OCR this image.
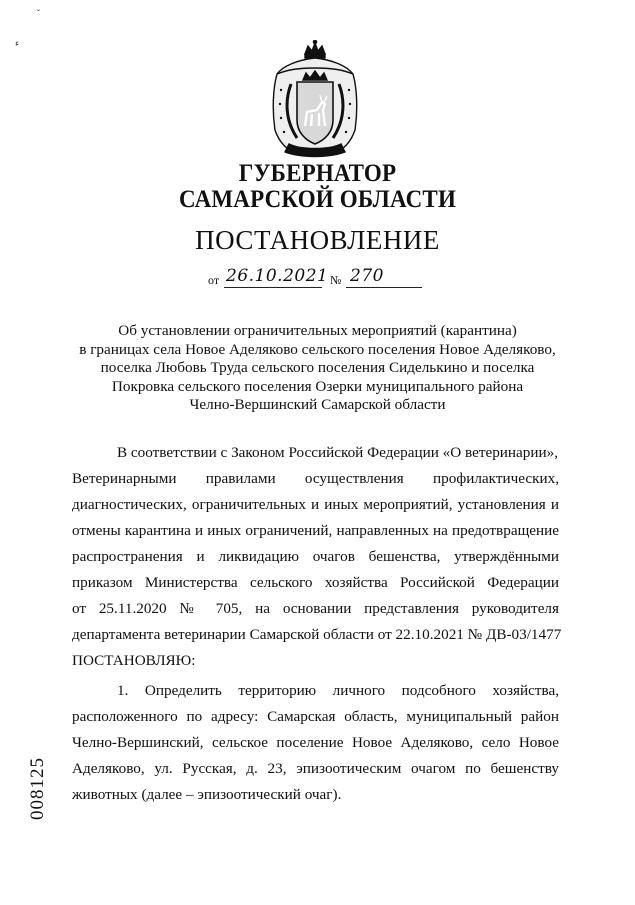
ˇ
ء
ГУБЕРНАТОР
САМАРСКОЙ ОБЛАСТИ
ПОСТАНОВЛЕНИЕ
от 26.10.2021 № 270
Об установлении ограничительных мероприятий (карантина)
в границах села Новое Аделяково сельского поселения Новое Аделяково,
поселка Любовь Труда сельского поселения Сиделькино и поселка
Покровка сельского поселения Озерки муниципального района
Челно-Вершинский Самарской области
В соответствии с Законом Российской Федерации «О ветеринарии»,
Ветеринарными правилами осуществления профилактических,
диагностических, ограничительных и иных мероприятий, установления и
отмены карантина и иных ограничений, направленных на предотвращение
распространения и ликвидацию очагов бешенства, утверждёнными
приказом Министерства сельского хозяйства Российской Федерации
от 25.11.2020 № 705, на основании представления руководителя
департамента ветеринарии Самарской области от 22.10.2021 № ДВ-03/1477
ПОСТАНОВЛЯЮ:
1. Определить территорию личного подсобного хозяйства,
расположенного по адресу: Самарская область, муниципальный район
Челно-Вершинский, сельское поселение Новое Аделяково, село Новое
Аделяково, ул. Русская, д. 23, эпизоотическим очагом по бешенству
животных (далее – эпизоотический очаг).
008125
